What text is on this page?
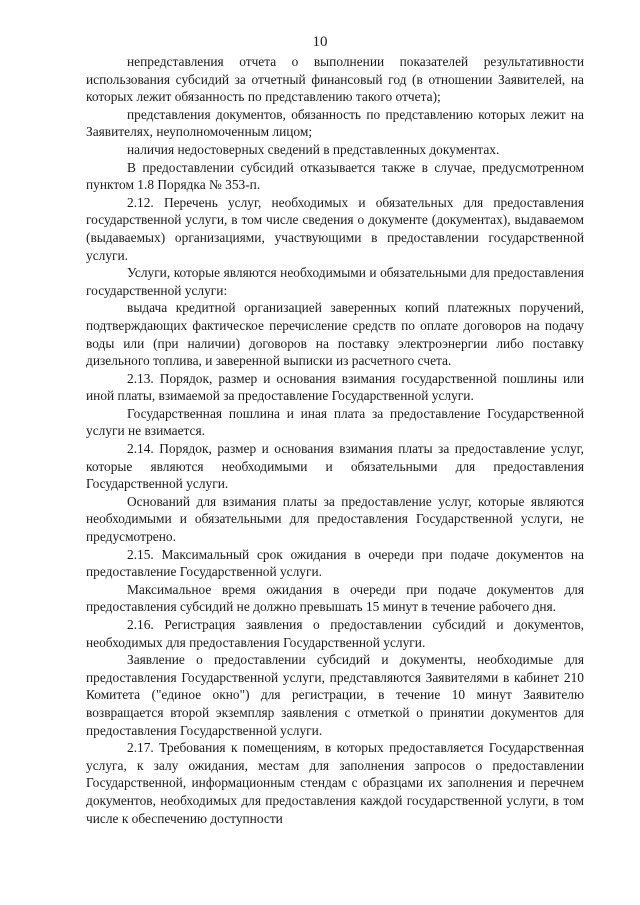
10

непредставления отчета о выполнении показателей результативности использования субсидий за отчетный финансовый год (в отношении Заявителей, на которых лежит обязанность по представлению такого отчета);

представления документов, обязанность по представлению которых лежит на Заявителях, неуполномоченным лицом;

наличия недостоверных сведений в представленных документах.

В предоставлении субсидий отказывается также в случае, предусмотренном пунктом 1.8 Порядка № 353-п.

2.12. Перечень услуг, необходимых и обязательных для предоставления государственной услуги, в том числе сведения о документе (документах), выдаваемом (выдаваемых) организациями, участвующими в предоставлении государственной услуги.

Услуги, которые являются необходимыми и обязательными для предоставления государственной услуги:

выдача кредитной организацией заверенных копий платежных поручений, подтверждающих фактическое перечисление средств по оплате договоров на подачу воды или (при наличии) договоров на поставку электроэнергии либо поставку дизельного топлива, и заверенной выписки из расчетного счета.

2.13. Порядок, размер и основания взимания государственной пошлины или иной платы, взимаемой за предоставление Государственной услуги.

Государственная пошлина и иная плата за предоставление Государственной услуги не взимается.

2.14. Порядок, размер и основания взимания платы за предоставление услуг, которые являются необходимыми и обязательными для предоставления Государственной услуги.

Оснований для взимания платы за предоставление услуг, которые являются необходимыми и обязательными для предоставления Государственной услуги, не предусмотрено.

2.15. Максимальный срок ожидания в очереди при подаче документов на предоставление Государственной услуги.

Максимальное время ожидания в очереди при подаче документов для предоставления субсидий не должно превышать 15 минут в течение рабочего дня.

2.16. Регистрация заявления о предоставлении субсидий и документов, необходимых для предоставления Государственной услуги.

Заявление о предоставлении субсидий и документы, необходимые для предоставления Государственной услуги, представляются Заявителями в кабинет 210 Комитета ("единое окно") для регистрации, в течение 10 минут Заявителю возвращается второй экземпляр заявления с отметкой о принятии документов для предоставления Государственной услуги.

2.17. Требования к помещениям, в которых предоставляется Государственная услуга, к залу ожидания, местам для заполнения запросов о предоставлении Государственной, информационным стендам с образцами их заполнения и перечнем документов, необходимых для предоставления каждой государственной услуги, в том числе к обеспечению доступности
